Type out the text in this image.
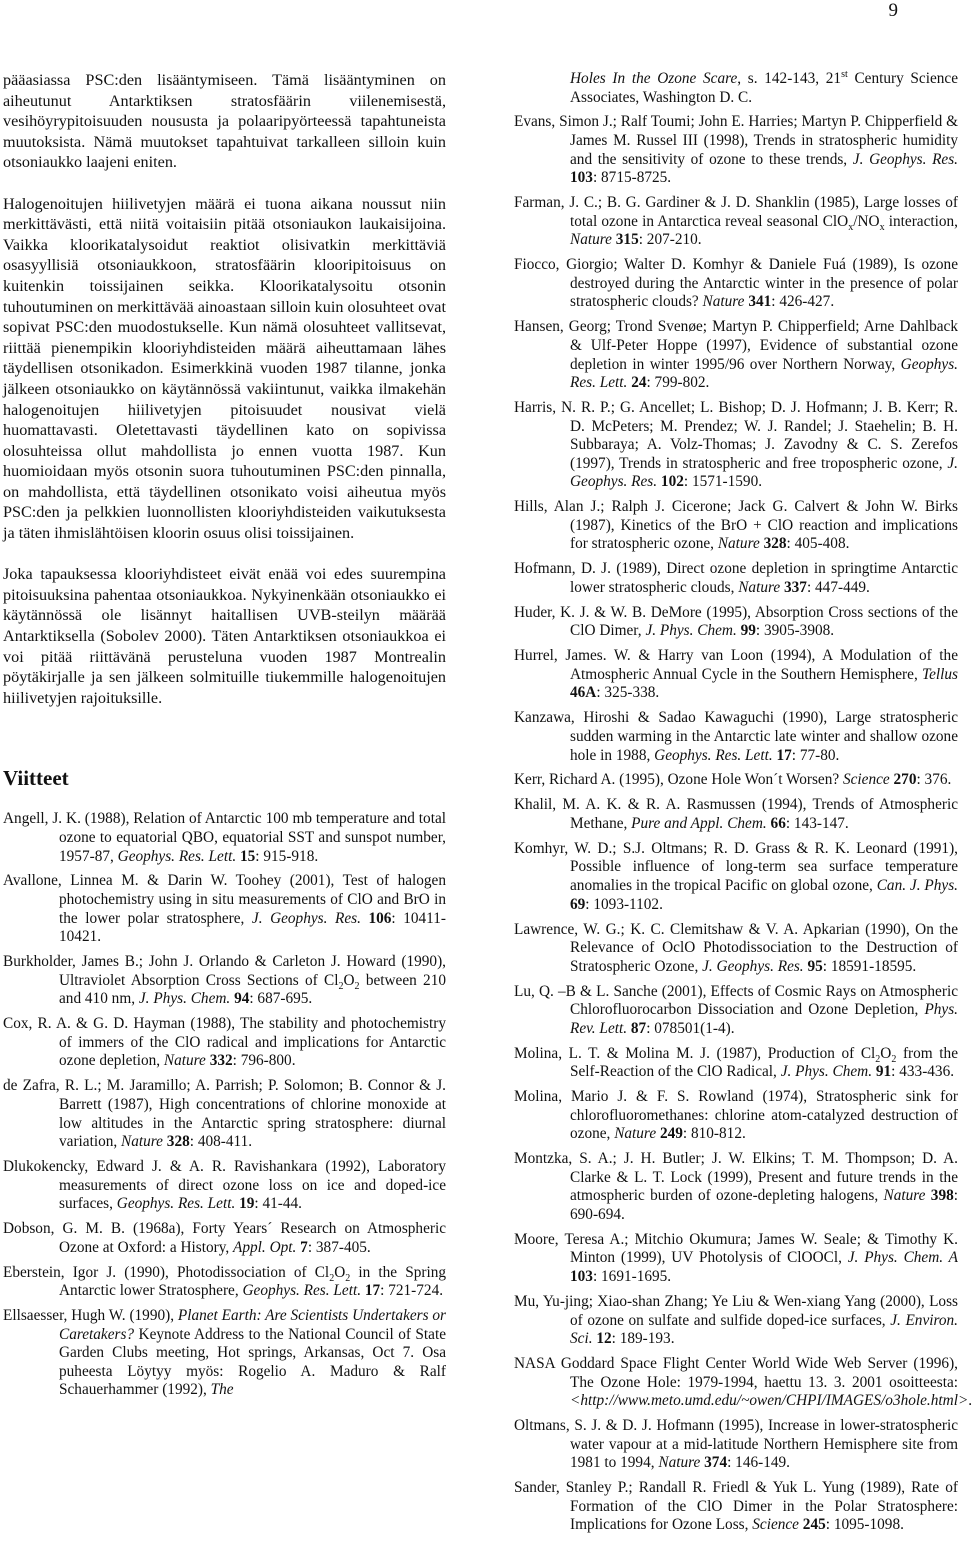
9

pääasiassa PSC:den lisääntymiseen. Tämä lisääntyminen on aiheutunut Antarktiksen stratosfäärin viilenemisestä, vesihöyrypitoisuuden noususta ja polaaripyörteessä tapahtuneista muutoksista. Nämä muutokset tapahtuivat tarkalleen silloin kuin otsoniaukko laajeni eniten.

Halogenoitujen hiilivetyjen määrä ei tuona aikana noussut niin merkittävästi, että niitä voitaisiin pitää otsoniaukon laukaisijoina. Vaikka kloorikatalysoidut reaktiot olisivatkin merkittäviä osasyyllisiä otsoniaukkoon, stratosfäärin klooripitoisuus on kuitenkin toissijainen seikka. Kloorikatalysoitu otsonin tuhoutuminen on merkittävää ainoastaan silloin kuin olosuhteet ovat sopivat PSC:den muodostukselle. Kun nämä olosuhteet vallitsevat, riittää pienempikin klooriyhdisteiden määrä aiheuttamaan lähes täydellisen otsonikadon. Esimerkkinä vuoden 1987 tilanne, jonka jälkeen otsoniaukko on käytännössä vakiintunut, vaikka ilmakehän halogenoitujen hiilivetyjen pitoisuudet nousivat vielä huomattavasti. Oletettavasti täydellinen kato on sopivissa olosuhteissa ollut mahdollista jo ennen vuotta 1987. Kun huomioidaan myös otsonin suora tuhoutuminen PSC:den pinnalla, on mahdollista, että täydellinen otsonikato voisi aiheutua myös PSC:den ja pelkkien luonnollisten klooriyhdisteiden vaikutuksesta ja täten ihmislähtöisen kloorin osuus olisi toissijainen.

Joka tapauksessa klooriyhdisteet eivät enää voi edes suurempina pitoisuuksina pahentaa otsoniaukkoa. Nykyinenkään otsoniaukko ei käytännössä ole lisännyt haitallisen UVB-steilyn määrää Antarktiksella (Sobolev 2000). Täten Antarktiksen otsoniaukkoa ei voi pitää riittävänä perusteluna vuoden 1987 Montrealin pöytäkirjalle ja sen jälkeen solmituille tiukemmille halogenoitujen hiilivetyjen rajoituksille.

Viitteet

Angell, J. K. (1988), Relation of Antarctic 100 mb temperature and total ozone to equatorial QBO, equatorial SST and sunspot number, 1957-87, Geophys. Res. Lett. 15: 915-918.

Avallone, Linnea M. & Darin W. Toohey (2001), Test of halogen photochemistry using in situ measurements of ClO and BrO in the lower polar stratosphere, J. Geophys. Res. 106: 10411-10421.

Burkholder, James B.; John J. Orlando & Carleton J. Howard (1990), Ultraviolet Absorption Cross Sections of $Cl_2O_2$ between 210 and 410 nm, J. Phys. Chem. 94: 687-695.

Cox, R. A. & G. D. Hayman (1988), The stability and photochemistry of immers of the ClO radical and implications for Antarctic ozone depletion, Nature 332: 796-800.

de Zafra, R. L.; M. Jaramillo; A. Parrish; P. Solomon; B. Connor & J. Barrett (1987), High concentrations of chlorine monoxide at low altitudes in the Antarctic spring stratosphere: diurnal variation, Nature 328: 408-411.

Dlukokencky, Edward J. & A. R. Ravishankara (1992), Laboratory measurements of direct ozone loss on ice and doped-ice surfaces, Geophys. Res. Lett. 19: 41-44.

Dobson, G. M. B. (1968a), Forty Years´ Research on Atmospheric Ozone at Oxford: a History, Appl. Opt. 7: 387-405.

Eberstein, Igor J. (1990), Photodissociation of $Cl_2O_2$ in the Spring Antarctic lower Stratosphere, Geophys. Res. Lett. 17: 721-724.

Ellsaesser, Hugh W. (1990), Planet Earth: Are Scientists Undertakers or Caretakers? Keynote Address to the National Council of State Garden Clubs meeting, Hot springs, Arkansas, Oct 7. Osa puheesta Löytyy myös: Rogelio A. Maduro & Ralf Schauerhammer (1992), The

Holes In the Ozone Scare, s. 142-143, 21st Century Science Associates, Washington D. C.

Evans, Simon J.; Ralf Toumi; John E. Harries; Martyn P. Chipperfield & James M. Russel III (1998), Trends in stratospheric humidity and the sensitivity of ozone to these trends, J. Geophys. Res. 103: 8715-8725.

Farman, J. C.; B. G. Gardiner & J. D. Shanklin (1985), Large losses of total ozone in Antarctica reveal seasonal $ClO_x/NO_x$ interaction, Nature 315: 207-210.

Fiocco, Giorgio; Walter D. Komhyr & Daniele Fuá (1989), Is ozone destroyed during the Antarctic winter in the presence of polar stratospheric clouds? Nature 341: 426-427.

Hansen, Georg; Trond Svenøe; Martyn P. Chipperfield; Arne Dahlback & Ulf-Peter Hoppe (1997), Evidence of substantial ozone depletion in winter 1995/96 over Northern Norway, Geophys. Res. Lett. 24: 799-802.

Harris, N. R. P.; G. Ancellet; L. Bishop; D. J. Hofmann; J. B. Kerr; R. D. McPeters; M. Prendez; W. J. Randel; J. Staehelin; B. H. Subbaraya; A. Volz-Thomas; J. Zavodny & C. S. Zerefos (1997), Trends in stratospheric and free tropospheric ozone, J. Geophys. Res. 102: 1571-1590.

Hills, Alan J.; Ralph J. Cicerone; Jack G. Calvert & John W. Birks (1987), Kinetics of the BrO + ClO reaction and implications for stratospheric ozone, Nature 328: 405-408.

Hofmann, D. J. (1989), Direct ozone depletion in springtime Antarctic lower stratospheric clouds, Nature 337: 447-449.

Huder, K. J. & W. B. DeMore (1995), Absorption Cross sections of the ClO Dimer, J. Phys. Chem. 99: 3905-3908.

Hurrel, James. W. & Harry van Loon (1994), A Modulation of the Atmospheric Annual Cycle in the Southern Hemisphere, Tellus 46A: 325-338.

Kanzawa, Hiroshi & Sadao Kawaguchi (1990), Large stratospheric sudden warming in the Antarctic late winter and shallow ozone hole in 1988, Geophys. Res. Lett. 17: 77-80.

Kerr, Richard A. (1995), Ozone Hole Won´t Worsen? Science 270: 376.

Khalil, M. A. K. & R. A. Rasmussen (1994), Trends of Atmospheric Methane, Pure and Appl. Chem. 66: 143-147.

Komhyr, W. D.; S.J. Oltmans; R. D. Grass & R. K. Leonard (1991), Possible influence of long-term sea surface temperature anomalies in the tropical Pacific on global ozone, Can. J. Phys. 69: 1093-1102.

Lawrence, W. G.; K. C. Clemitshaw & V. A. Apkarian (1990), On the Relevance of OclO Photodissociation to the Destruction of Stratospheric Ozone, J. Geophys. Res. 95: 18591-18595.

Lu, Q. –B & L. Sanche (2001), Effects of Cosmic Rays on Atmospheric Chlorofluorocarbon Dissociation and Ozone Depletion, Phys. Rev. Lett. 87: 078501(1-4).

Molina, L. T. & Molina M. J. (1987), Production of $Cl_2O_2$ from the Self-Reaction of the ClO Radical, J. Phys. Chem. 91: 433-436.

Molina, Mario J. & F. S. Rowland (1974), Stratospheric sink for chlorofluoromethanes: chlorine atom-catalyzed destruction of ozone, Nature 249: 810-812.

Montzka, S. A.; J. H. Butler; J. W. Elkins; T. M. Thompson; D. A. Clarke & L. T. Lock (1999), Present and future trends in the atmospheric burden of ozone-depleting halogens, Nature 398: 690-694.

Moore, Teresa A.; Mitchio Okumura; James W. Seale; & Timothy K. Minton (1999), UV Photolysis of ClOOCl, J. Phys. Chem. A 103: 1691-1695.

Mu, Yu-jing; Xiao-shan Zhang; Ye Liu & Wen-xiang Yang (2000), Loss of ozone on sulfate and sulfide doped-ice surfaces, J. Environ. Sci. 12: 189-193.

NASA Goddard Space Flight Center World Wide Web Server (1996), The Ozone Hole: 1979-1994, haettu 13. 3. 2001 osoitteesta: <http://www.meto.umd.edu/~owen/CHPI/IMAGES/o3hole.html>.

Oltmans, S. J. & D. J. Hofmann (1995), Increase in lower-stratospheric water vapour at a mid-latitude Northern Hemisphere site from 1981 to 1994, Nature 374: 146-149.

Sander, Stanley P.; Randall R. Friedl & Yuk L. Yung (1989), Rate of Formation of the ClO Dimer in the Polar Stratosphere: Implications for Ozone Loss, Science 245: 1095-1098.
